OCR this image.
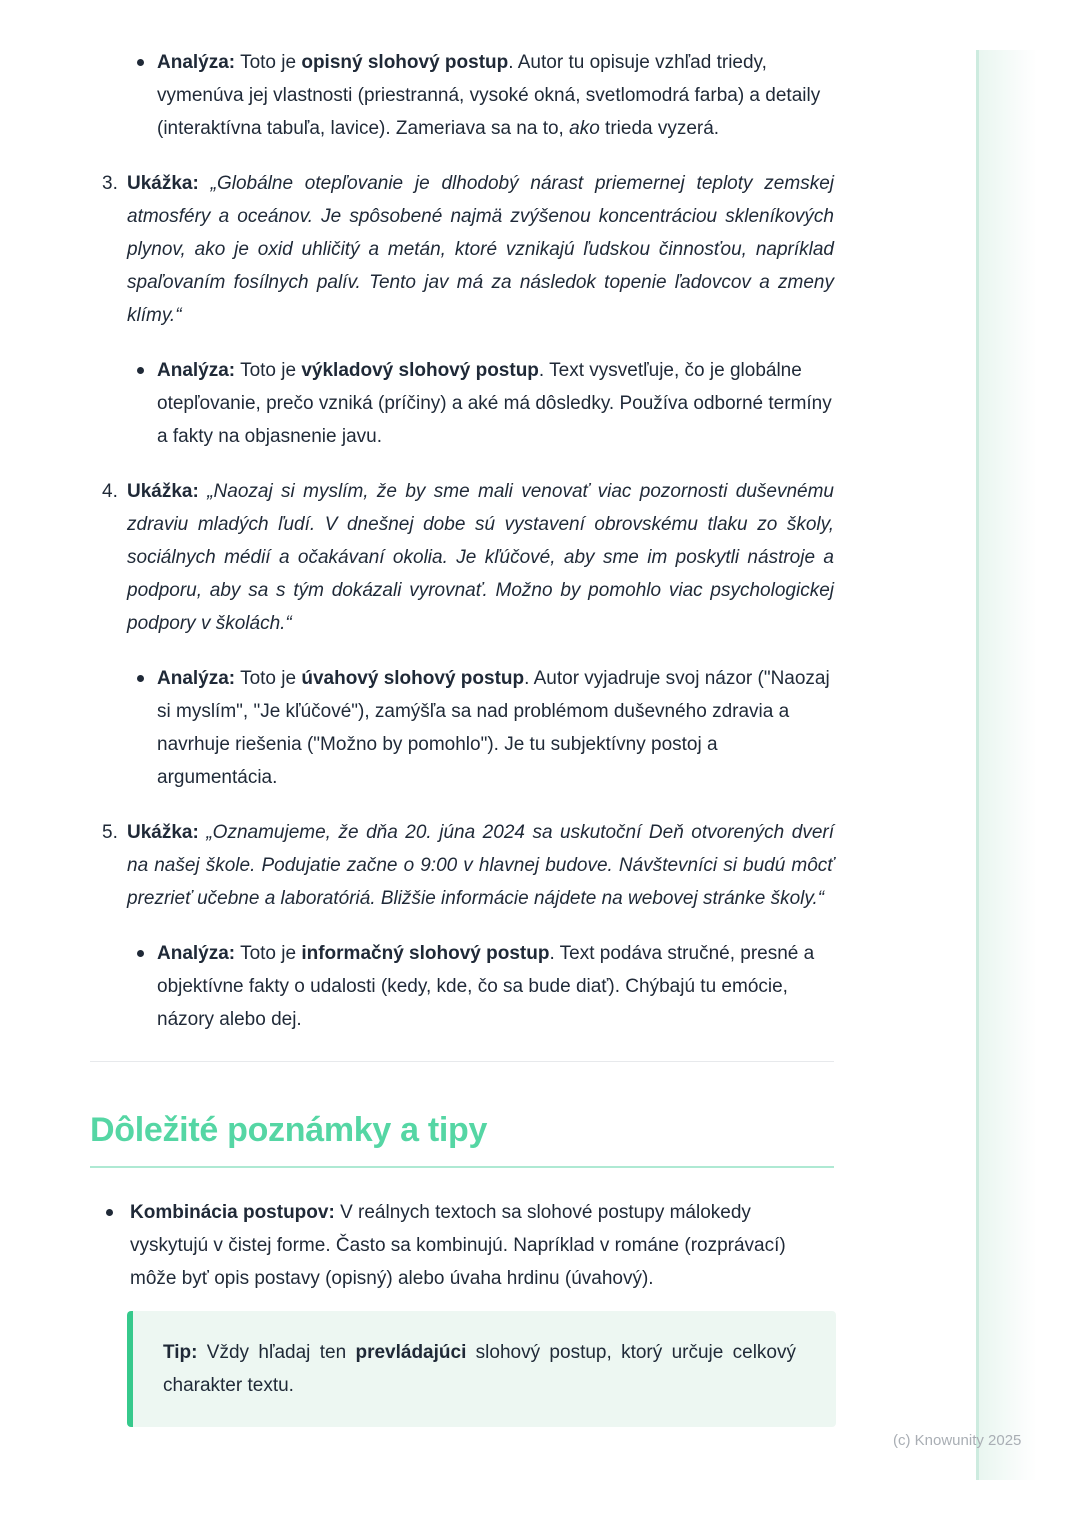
Analýza: Toto je opisný slohový postup. Autor tu opisuje vzhľad triedy, vymenúva jej vlastnosti (priestranná, vysoké okná, svetlomodrá farba) a detaily (interaktívna tabuľa, lavice). Zameriava sa na to, ako trieda vyzerá.

3. Ukážka: „Globálne otepľovanie je dlhodobý nárast priemernej teploty zemskej atmosféry a oceánov. Je spôsobené najmä zvýšenou koncentráciou skleníkových plynov, ako je oxid uhličitý a metán, ktoré vznikajú ľudskou činnosťou, napríklad spaľovaním fosílnych palív. Tento jav má za následok topenie ľadovcov a zmeny klímy.“

Analýza: Toto je výkladový slohový postup. Text vysvetľuje, čo je globálne otepľovanie, prečo vzniká (príčiny) a aké má dôsledky. Používa odborné termíny a fakty na objasnenie javu.

4. Ukážka: „Naozaj si myslím, že by sme mali venovať viac pozornosti duševnému zdraviu mladých ľudí. V dnešnej dobe sú vystavení obrovskému tlaku zo školy, sociálnych médií a očakávaní okolia. Je kľúčové, aby sme im poskytli nástroje a podporu, aby sa s tým dokázali vyrovnať. Možno by pomohlo viac psychologickej podpory v školách.“

Analýza: Toto je úvahový slohový postup. Autor vyjadruje svoj názor ("Naozaj si myslím", "Je kľúčové"), zamýšľa sa nad problémom duševného zdravia a navrhuje riešenia ("Možno by pomohlo"). Je tu subjektívny postoj a argumentácia.

5. Ukážka: „Oznamujeme, že dňa 20. júna 2024 sa uskutoční Deň otvorených dverí na našej škole. Podujatie začne o 9:00 v hlavnej budove. Návštevníci si budú môcť prezrieť učebne a laboratóriá. Bližšie informácie nájdete na webovej stránke školy.“

Analýza: Toto je informačný slohový postup. Text podáva stručné, presné a objektívne fakty o udalosti (kedy, kde, čo sa bude diať). Chýbajú tu emócie, názory alebo dej.

Dôležité poznámky a tipy

Kombinácia postupov: V reálnych textoch sa slohové postupy málokedy vyskytujú v čistej forme. Často sa kombinujú. Napríklad v románe (rozprávací) môže byť opis postavy (opisný) alebo úvaha hrdinu (úvahový).

Tip: Vždy hľadaj ten prevládajúci slohový postup, ktorý určuje celkový charakter textu.

(c) Knowunity 2025
